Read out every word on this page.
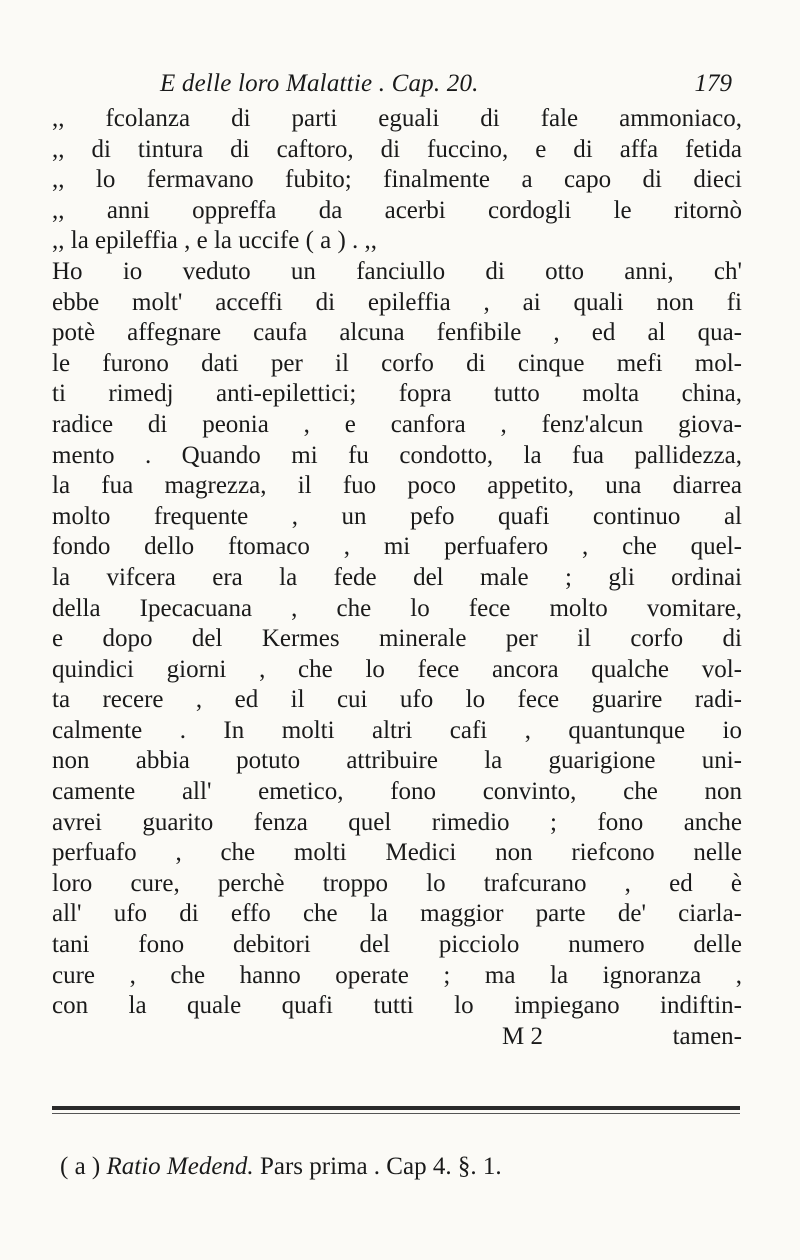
E delle loro Malattie . Cap. 20.	179
,, fcolanza di parti eguali di fale ammoniaco,
,, di tintura di caftoro, di fuccino, e di affa fetida
,, lo fermavano fubito; finalmente a capo di dieci
,, anni oppreffa da acerbi cordogli le ritornò
,, la epileffia , e la uccife ( a ) . ,,
Ho io veduto un fanciullo di otto anni, ch'
ebbe molt' acceffi di epileffia , ai quali non fi
potè affegnare caufa alcuna fenfibile , ed al qua-
le furono dati per il corfo di cinque mefi mol-
ti rimedj anti-epilettici; fopra tutto molta china,
radice di peonia , e canfora , fenz'alcun giova-
mento . Quando mi fu condotto, la fua pallidezza,
la fua magrezza, il fuo poco appetito, una diarrea
molto frequente , un pefo quafi continuo al
fondo dello ftomaco , mi perfuafero , che quel-
la vifcera era la fede del male ; gli ordinai
della Ipecacuana , che lo fece molto vomitare,
e dopo del Kermes minerale per il corfo di
quindici giorni , che lo fece ancora qualche vol-
ta recere , ed il cui ufo lo fece guarire radi-
calmente . In molti altri cafi , quantunque io
non abbia potuto attribuire la guarigione uni-
camente all' emetico, fono convinto, che non
avrei guarito fenza quel rimedio ; fono anche
perfuafo , che molti Medici non riefcono nelle
loro cure, perchè troppo lo trafcurano , ed è
all' ufo di effo che la maggior parte de' ciarla-
tani fono debitori del picciolo numero delle
cure , che hanno operate ; ma la ignoranza ,
con la quale quafi tutti lo impiegano indiftin-
M 2	tamen-
( a ) Ratio Medend. Pars prima . Cap 4. §. 1.
